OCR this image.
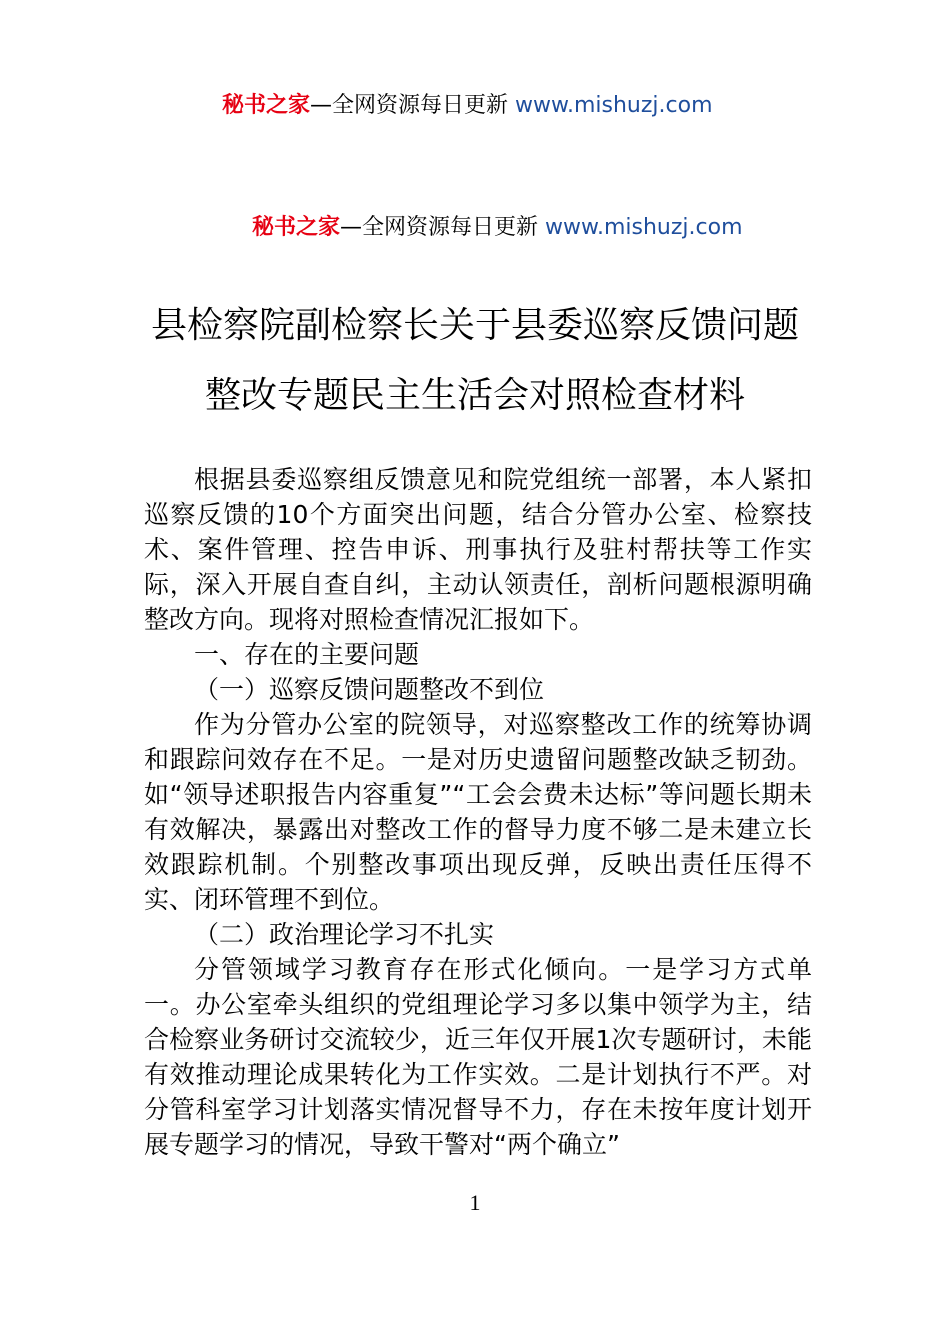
秘书之家—全网资源每日更新 www.mishuzj.com
秘书之家—全网资源每日更新 www.mishuzj.com
县检察院副检察长关于县委巡察反馈问题
整改专题民主生活会对照检查材料

根据县委巡察组反馈意见和院党组统一部署，本人紧扣巡察反馈的10个方面突出问题，结合分管办公室、检察技术、案件管理、控告申诉、刑事执行及驻村帮扶等工作实际，深入开展自查自纠，主动认领责任，剖析问题根源明确整改方向。现将对照检查情况汇报如下。

一、存在的主要问题

（一）巡察反馈问题整改不到位

作为分管办公室的院领导，对巡察整改工作的统筹协调和跟踪问效存在不足。一是对历史遗留问题整改缺乏韧劲。如“领导述职报告内容重复”“工会会费未达标”等问题长期未有效解决，暴露出对整改工作的督导力度不够二是未建立长效跟踪机制。个别整改事项出现反弹，反映出责任压得不实、闭环管理不到位。

（二）政治理论学习不扎实

分管领域学习教育存在形式化倾向。一是学习方式单一。办公室牵头组织的党组理论学习多以集中领学为主，结合检察业务研讨交流较少，近三年仅开展1次专题研讨，未能有效推动理论成果转化为工作实效。二是计划执行不严。对分管科室学习计划落实情况督导不力，存在未按年度计划开展专题学习的情况，导致干警对“两个确立”

1
